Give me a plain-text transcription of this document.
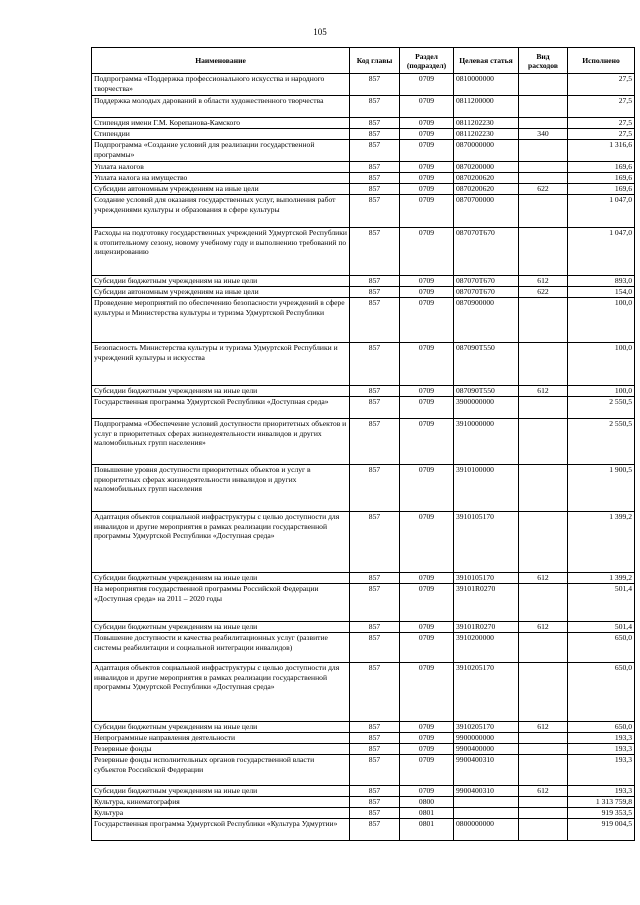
105
Наименование	Код главы	Раздел (подраздел)	Целевая статья	Вид расходов	Исполнено
Подпрограмма «Поддержка профессионального искусства и народного творчества»	857	0709	0810000000		27,5
Поддержка молодых дарований в области художественного творчества	857	0709	0811200000		27,5
Стипендия имени Г.М. Корепанова-Камского	857	0709	0811202230		27,5
Стипендии	857	0709	0811202230	340	27,5
Подпрограмма «Создание условий для реализации государственной программы»	857	0709	0870000000		1 316,6
Уплата налогов	857	0709	0870200000		169,6
Уплата налога на имущество	857	0709	0870200620		169,6
Субсидии автономным учреждениям на иные цели	857	0709	0870200620	622	169,6
Создание условий для оказания государственных услуг, выполнения работ учреждениями культуры и образования в сфере культуры	857	0709	0870700000		1 047,0
Расходы на подготовку государственных учреждений Удмуртской Республики к отопительному сезону, новому учебному году и выполнению требований по лицензированию	857	0709	087070Т670		1 047,0
Субсидии бюджетным учреждениям на иные цели	857	0709	087070Т670	612	893,0
Субсидии автономным учреждениям на иные цели	857	0709	087070Т670	622	154,0
Проведение мероприятий по обеспечению безопасности учреждений в сфере культуры и Министерства культуры и туризма Удмуртской Республики	857	0709	0870900000		100,0
Безопасность Министерства культуры и туризма Удмуртской Республики и учреждений культуры и искусства	857	0709	087090Т550		100,0
Субсидии бюджетным учреждениям на иные цели	857	0709	087090Т550	612	100,0
Государственная программа Удмуртской Республики «Доступная среда»	857	0709	3900000000		2 550,5
Подпрограмма «Обеспечение условий доступности приоритетных объектов и услуг в приоритетных сферах жизнедеятельности инвалидов и других маломобильных групп населения»	857	0709	3910000000		2 550,5
Повышение уровня доступности приоритетных объектов и услуг в приоритетных сферах жизнедеятельности инвалидов и других маломобильных групп населения	857	0709	3910100000		1 900,5
Адаптация объектов социальной инфраструктуры с целью доступности для инвалидов и другие мероприятия в рамках реализации государственной программы Удмуртской Республики «Доступная среда»	857	0709	3910105170		1 399,2
Субсидии бюджетным учреждениям на иные цели	857	0709	3910105170	612	1 399,2
На мероприятия государственной программы Российской Федерации «Доступная среда» на 2011 – 2020 годы	857	0709	39101R0270		501,4
Субсидии бюджетным учреждениям на иные цели	857	0709	39101R0270	612	501,4
Повышение доступности и качества реабилитационных услуг (развитие системы реабилитации и социальной интеграции инвалидов)	857	0709	3910200000		650,0
Адаптация объектов социальной инфраструктуры с целью доступности для инвалидов и другие мероприятия в рамках реализации государственной программы Удмуртской Республики «Доступная среда»	857	0709	3910205170		650,0
Субсидии бюджетным учреждениям на иные цели	857	0709	3910205170	612	650,0
Непрограммные направления деятельности	857	0709	9900000000		193,3
Резервные фонды	857	0709	9900400000		193,3
Резервные фонды исполнительных органов государственной власти субъектов Российской Федерации	857	0709	9900400310		193,3
Субсидии бюджетным учреждениям на иные цели	857	0709	9900400310	612	193,3
Культура, кинематография	857	0800			1 313 759,8
Культура	857	0801			919 353,5
Государственная программа Удмуртской Республики «Культура Удмуртии»	857	0801	0800000000		919 004,5
